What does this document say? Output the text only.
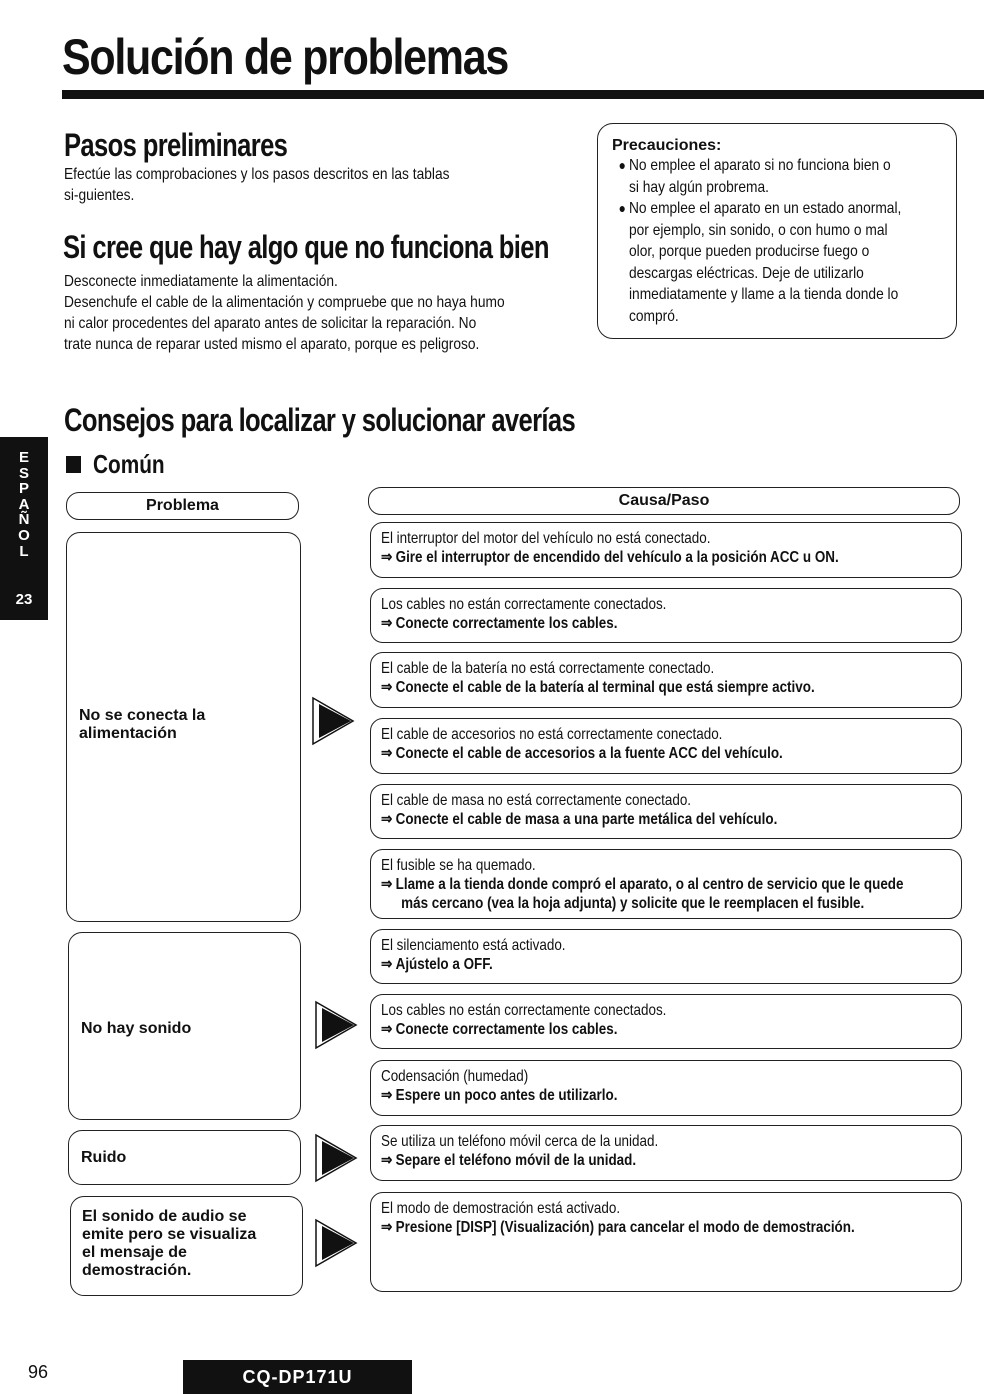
Solución de problemas
Pasos preliminares
Efectúe las comprobaciones y los pasos descritos en las tablas
si-guientes.
Si cree que hay algo que no funciona bien
Desconecte inmediatamente la alimentación.
Desenchufe el cable de la alimentación y compruebe que no haya humo
ni calor procedentes del aparato antes de solicitar la reparación. No
trate nunca de reparar usted mismo el aparato, porque es peligroso.
Precauciones:
● No emplee el aparato si no funciona bien o
si hay algún probrema.
● No emplee el aparato en un estado anormal,
por ejemplo, sin sonido, o con humo o mal
olor, porque pueden producirse fuego o
descargas eléctricas. Deje de utilizarlo
inmediatamente y llame a la tienda donde lo
compró.
E
S
P
A
Ñ
O
L
23
Consejos para localizar y solucionar averías
Común
Problema	Causa/Paso
No se conecta la
alimentación
No hay sonido
Ruido
El sonido de audio se
emite pero se visualiza
el mensaje de
demostración.
El interruptor del motor del vehículo no está conectado.
⇒ Gire el interruptor de encendido del vehículo a la posición ACC u ON.
Los cables no están correctamente conectados.
⇒ Conecte correctamente los cables.
El cable de la batería no está correctamente conectado.
⇒ Conecte el cable de la batería al terminal que está siempre activo.
El cable de accesorios no está correctamente conectado.
⇒ Conecte el cable de accesorios a la fuente ACC del vehículo.
El cable de masa no está correctamente conectado.
⇒ Conecte el cable de masa a una parte metálica del vehículo.
El fusible se ha quemado.
⇒ Llame a la tienda donde compró el aparato, o al centro de servicio que le quede
más cercano (vea la hoja adjunta) y solicite que le reemplacen el fusible.
El silenciamento está activado.
⇒ Ajústelo a OFF.
Los cables no están correctamente conectados.
⇒ Conecte correctamente los cables.
Codensación (humedad)
⇒ Espere un poco antes de utilizarlo.
Se utiliza un teléfono móvil cerca de la unidad.
⇒ Separe el teléfono móvil de la unidad.
El modo de demostración está activado.
⇒ Presione [DISP] (Visualización) para cancelar el modo de demostración.
96	CQ-DP171U
